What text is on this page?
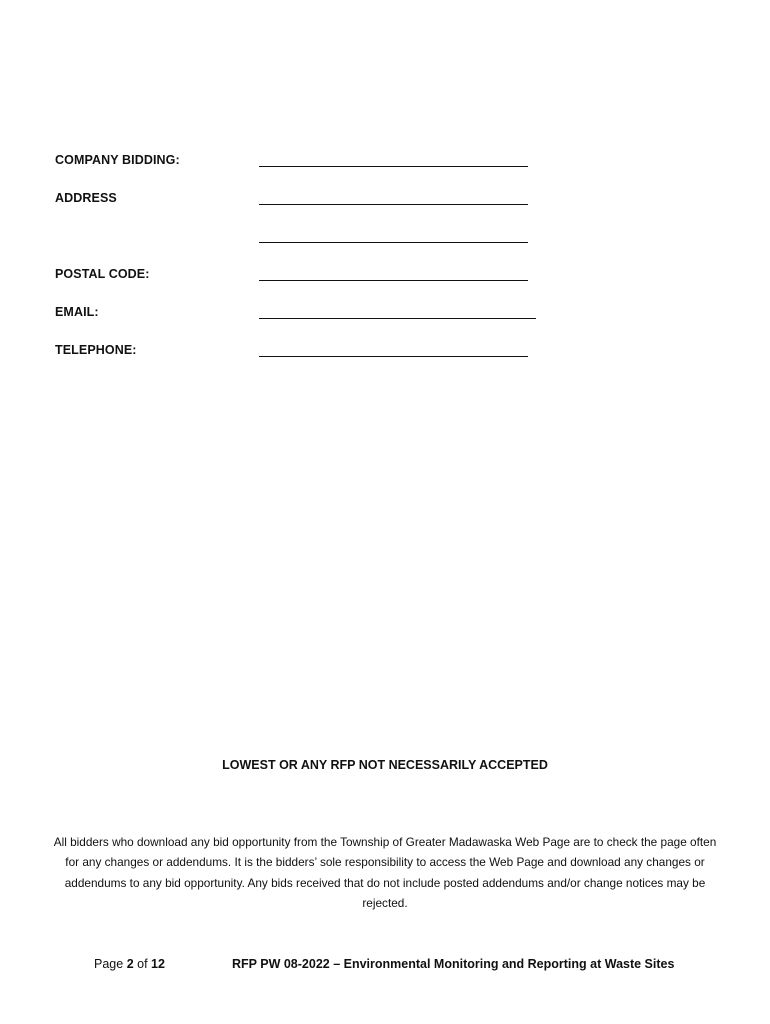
COMPANY BIDDING:
ADDRESS
POSTAL CODE:
EMAIL:
TELEPHONE:
LOWEST OR ANY RFP NOT NECESSARILY ACCEPTED
All bidders who download any bid opportunity from the Township of Greater Madawaska Web Page are to check the page often for any changes or addendums. It is the bidders’ sole responsibility to access the Web Page and download any changes or addendums to any bid opportunity. Any bids received that do not include posted addendums and/or change notices may be rejected.
Page 2 of 12	RFP PW 08-2022 – Environmental Monitoring and Reporting at Waste Sites
